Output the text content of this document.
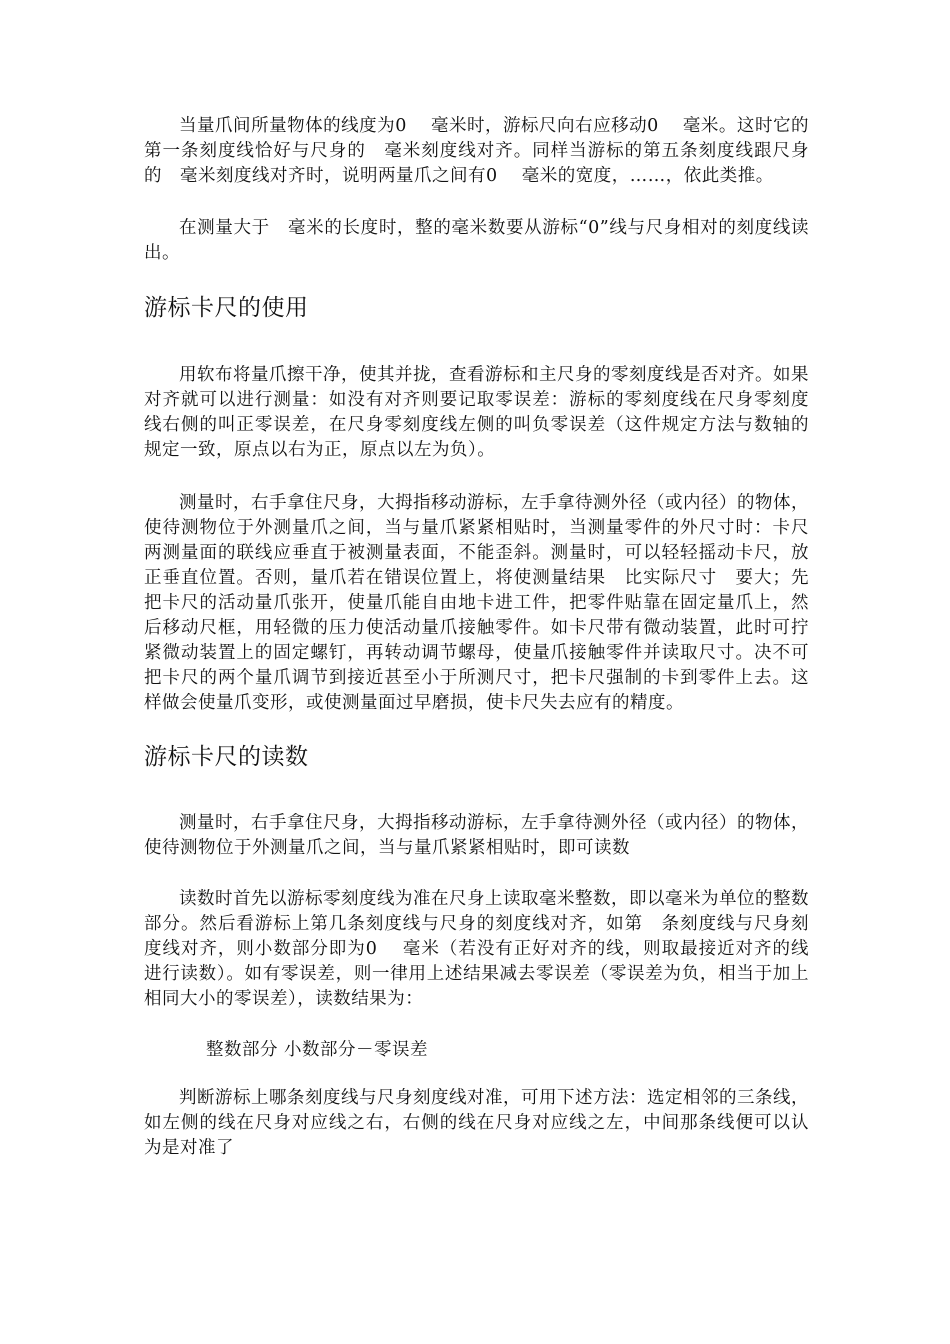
当量爪间所量物体的线度为0　 毫米时，游标尺向右应移动0　 毫米。这时它的第一条刻度线恰好与尺身的　毫米刻度线对齐。同样当游标的第五条刻度线跟尺身的　毫米刻度线对齐时，说明两量爪之间有0　 毫米的宽度，……，依此类推。

在测量大于　毫米的长度时，整的毫米数要从游标“0”线与尺身相对的刻度线读出。

游标卡尺的使用

用软布将量爪擦干净，使其并拢，查看游标和主尺身的零刻度线是否对齐。如果对齐就可以进行测量：如没有对齐则要记取零误差：游标的零刻度线在尺身零刻度线右侧的叫正零误差，在尺身零刻度线左侧的叫负零误差（这件规定方法与数轴的规定一致，原点以右为正，原点以左为负）。

测量时，右手拿住尺身，大拇指移动游标，左手拿待测外径（或内径）的物体，使待测物位于外测量爪之间，当与量爪紧紧相贴时，当测量零件的外尺寸时：卡尺两测量面的联线应垂直于被测量表面，不能歪斜。测量时，可以轻轻摇动卡尺，放正垂直位置。否则，量爪若在错误位置上，将使测量结果　比实际尺寸　要大；先把卡尺的活动量爪张开，使量爪能自由地卡进工件，把零件贴靠在固定量爪上，然后移动尺框，用轻微的压力使活动量爪接触零件。如卡尺带有微动装置，此时可拧紧微动装置上的固定螺钉，再转动调节螺母，使量爪接触零件并读取尺寸。决不可把卡尺的两个量爪调节到接近甚至小于所测尺寸，把卡尺强制的卡到零件上去。这样做会使量爪变形，或使测量面过早磨损，使卡尺失去应有的精度。

游标卡尺的读数

测量时，右手拿住尺身，大拇指移动游标，左手拿待测外径（或内径）的物体，使待测物位于外测量爪之间，当与量爪紧紧相贴时，即可读数

读数时首先以游标零刻度线为准在尺身上读取毫米整数，即以毫米为单位的整数部分。然后看游标上第几条刻度线与尺身的刻度线对齐，如第　条刻度线与尺身刻度线对齐，则小数部分即为0　 毫米（若没有正好对齐的线，则取最接近对齐的线进行读数）。如有零误差，则一律用上述结果减去零误差（零误差为负，相当于加上相同大小的零误差），读数结果为：

整数部分 小数部分－零误差

判断游标上哪条刻度线与尺身刻度线对准，可用下述方法：选定相邻的三条线，如左侧的线在尺身对应线之右，右侧的线在尺身对应线之左，中间那条线便可以认为是对准了
